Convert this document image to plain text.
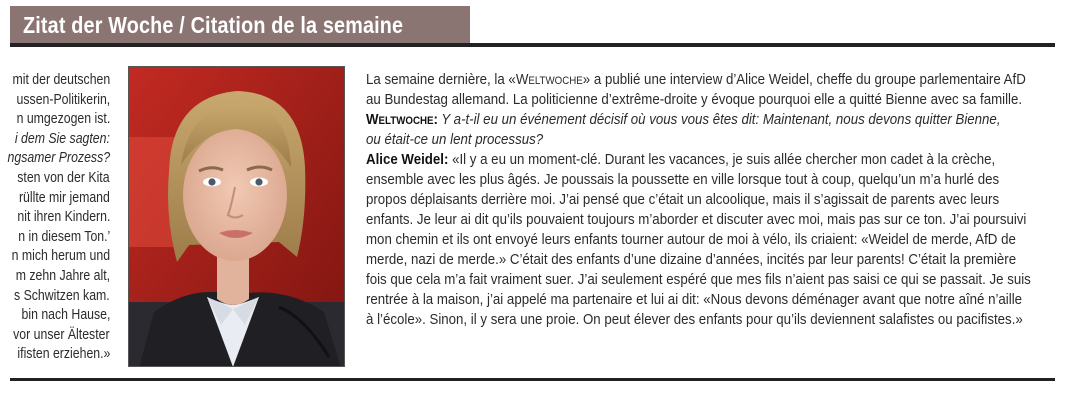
Zitat der Woche / Citation de la semaine
mit der deutschen
ussen-Politikerin,
n umgezogen ist.
i dem Sie sagten:
ngsamer Prozess?
sten von der Kita
rüllte mir jemand
nit ihren Kindern.
n in diesem Ton.’
n mich herum und
m zehn Jahre alt,
s Schwitzen kam.
bin nach Hause,
vor unser Ältester
ifisten erziehen.»
La semaine dernière, la «Weltwoche» a publié une interview d’Alice Weidel, cheffe du groupe parlementaire AfD
au Bundestag allemand. La politicienne d’extrême-droite y évoque pourquoi elle a quitté Bienne avec sa famille.
Weltwoche: Y a-t-il eu un événement décisif où vous vous êtes dit: Maintenant, nous devons quitter Bienne,
ou était-ce un lent processus?
Alice Weidel: «Il y a eu un moment-clé. Durant les vacances, je suis allée chercher mon cadet à la crèche,
ensemble avec les plus âgés. Je poussais la poussette en ville lorsque tout à coup, quelqu’un m’a hurlé des
propos déplaisants derrière moi. J’ai pensé que c’était un alcoolique, mais il s’agissait de parents avec leurs
enfants. Je leur ai dit qu’ils pouvaient toujours m’aborder et discuter avec moi, mais pas sur ce ton. J’ai poursuivi
mon chemin et ils ont envoyé leurs enfants tourner autour de moi à vélo, ils criaient: «Weidel de merde, AfD de
merde, nazi de merde.» C’était des enfants d’une dizaine d’années, incités par leur parents! C’était la première
fois que cela m’a fait vraiment suer. J’ai seulement espéré que mes fils n’aient pas saisi ce qui se passait. Je suis
rentrée à la maison, j’ai appelé ma partenaire et lui ai dit: «Nous devons déménager avant que notre aîné n’aille
à l’école». Sinon, il y sera une proie. On peut élever des enfants pour qu’ils deviennent salafistes ou pacifistes.»
